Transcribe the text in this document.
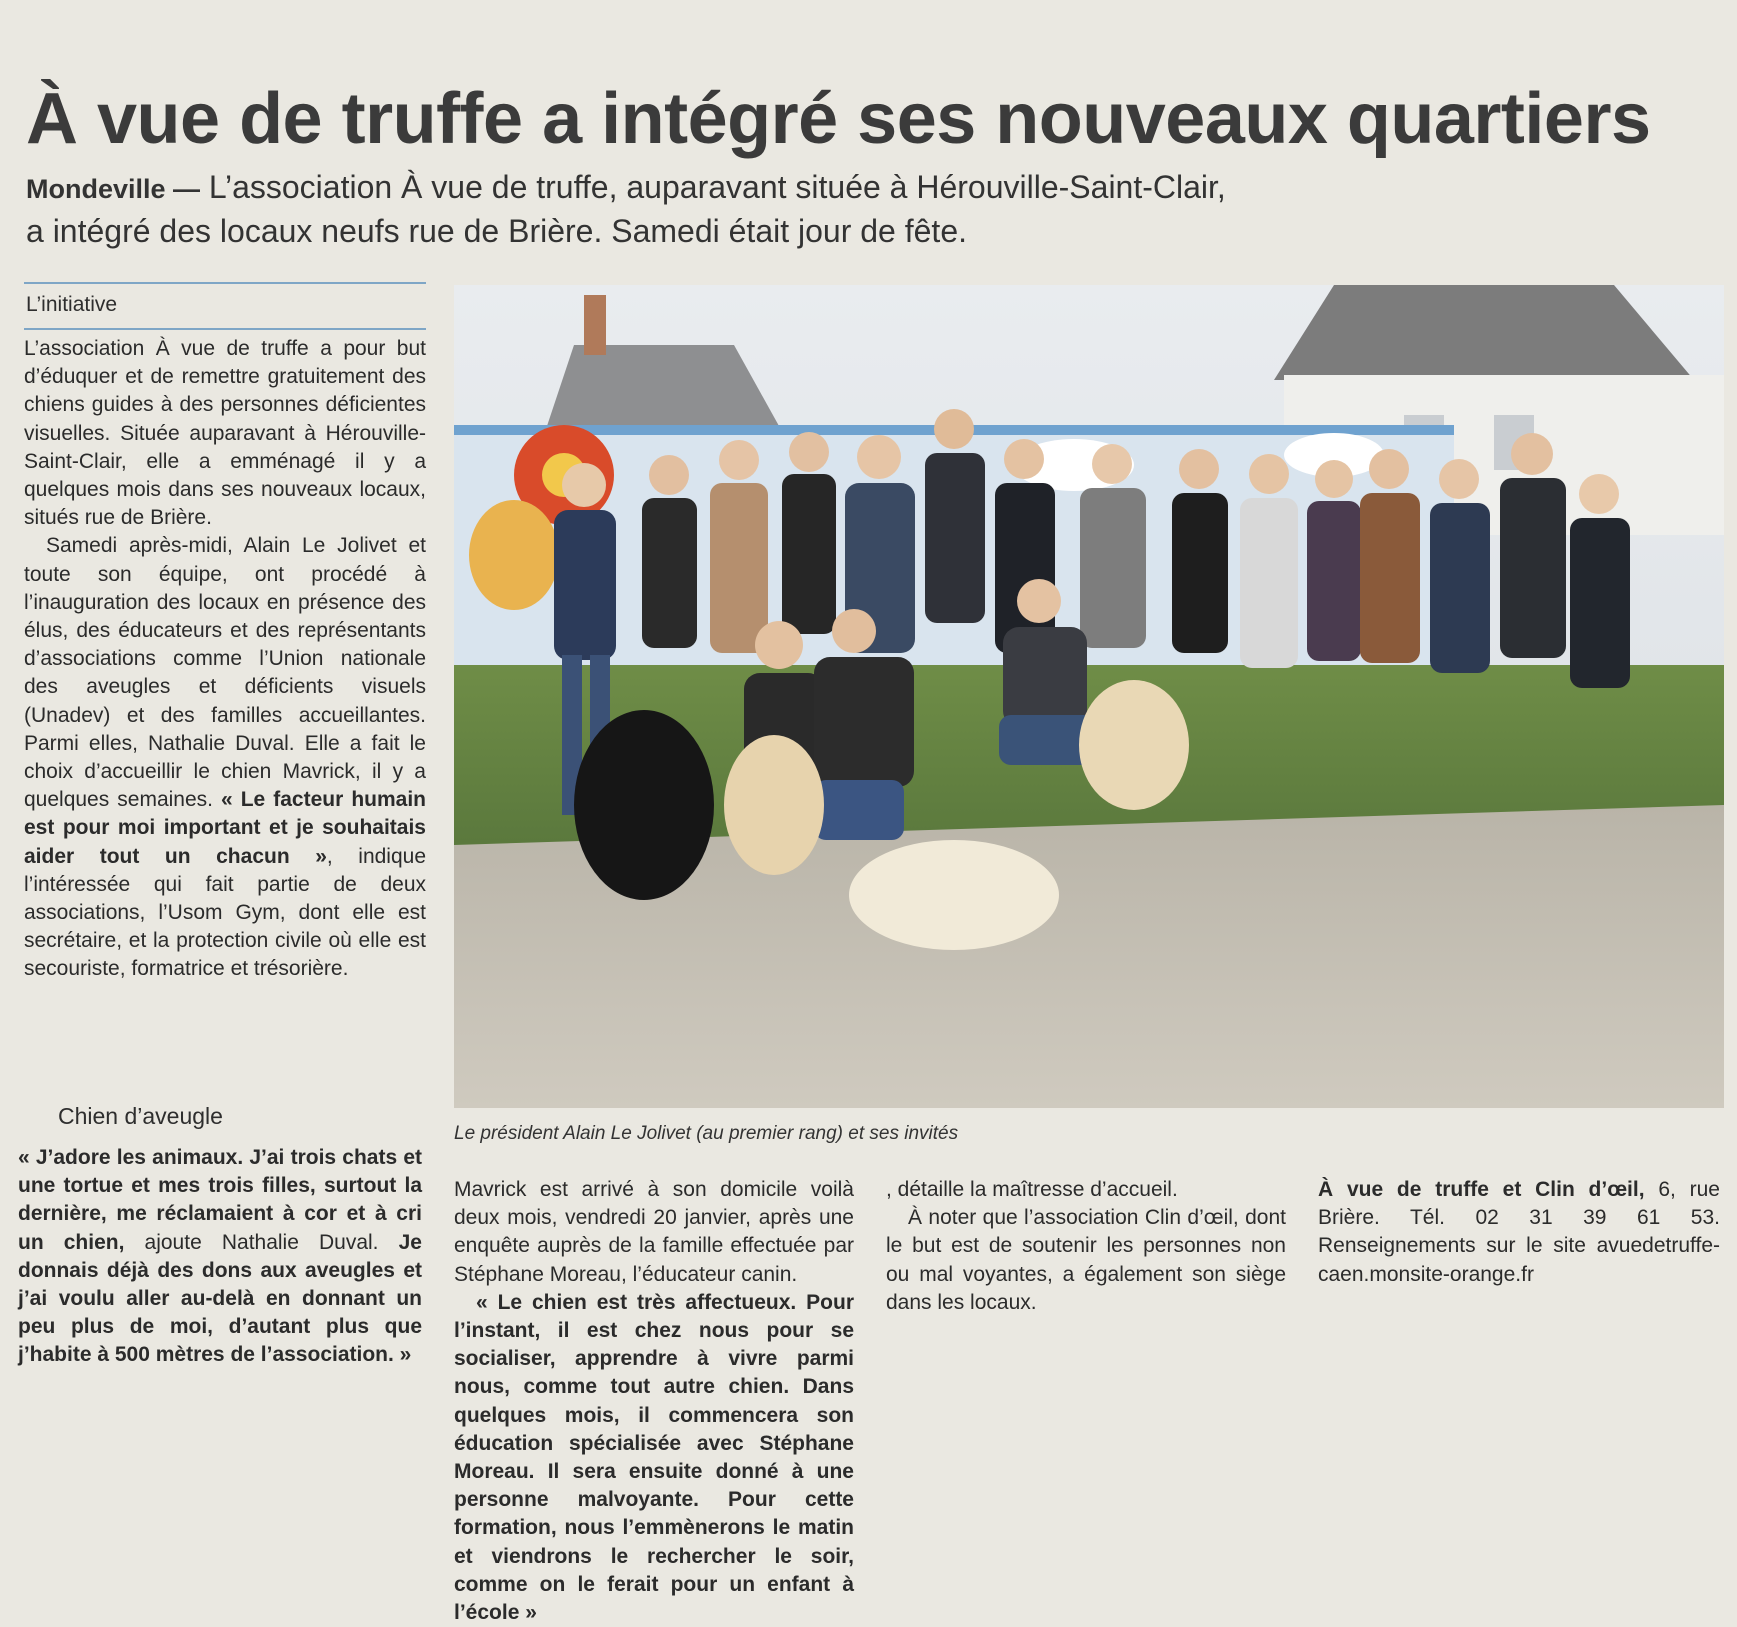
À vue de truffe a intégré ses nouveaux quartiers
Mondeville — L’association À vue de truffe, auparavant située à Hérouville-Saint-Clair,
a intégré des locaux neufs rue de Brière. Samedi était jour de fête.
L’initiative

L’association À vue de truffe a pour but d’éduquer et de remettre gratuitement des chiens guides à des personnes déficientes visuelles. Située auparavant à Hérouville-Saint-Clair, elle a emménagé il y a quelques mois dans ses nouveaux locaux, situés rue de Brière.

Samedi après-midi, Alain Le Jolivet et toute son équipe, ont procédé à l’inauguration des locaux en présence des élus, des éducateurs et des représentants d’associations comme l’Union nationale des aveugles et déficients visuels (Unadev) et des familles accueillantes. Parmi elles, Nathalie Duval. Elle a fait le choix d’accueillir le chien Mavrick, il y a quelques semaines. « Le facteur humain est pour moi important et je souhaitais aider tout un chacun », indique l’intéressée qui fait partie de deux associations, l’Usom Gym, dont elle est secrétaire, et la protection civile où elle est secouriste, formatrice et trésorière.

Chien d’aveugle

« J’adore les animaux. J’ai trois chats et une tortue et mes trois filles, surtout la dernière, me réclamaient à cor et à cri un chien, ajoute Nathalie Duval. Je donnais déjà des dons aux aveugles et j’ai voulu aller au-delà en donnant un peu plus de moi, d’autant plus que j’habite à 500 mètres de l’association. »

Mavrick est arrivé à son domicile voilà deux mois, vendredi 20 janvier, après une enquête auprès de la famille effectuée par Stéphane Moreau, l’éducateur canin.

« Le chien est très affectueux. Pour l’instant, il est chez nous pour se socialiser, apprendre à vivre parmi nous, comme tout autre chien. Dans quelques mois, il commencera son éducation spécialisée avec Stéphane Moreau. Il sera ensuite donné à une personne malvoyante. Pour cette formation, nous l’emmènerons le matin et viendrons le rechercher le soir, comme on le ferait pour un enfant à l’école »

, détaille la maîtresse d’accueil.

À noter que l’association Clin d’œil, dont le but est de soutenir les personnes non ou mal voyantes, a également son siège dans les locaux.

À vue de truffe et Clin d’œil, 6, rue Brière. Tél. 02 31 39 61 53. Renseignements sur le site avuedetruffe-caen.monsite-orange.fr

Le président Alain Le Jolivet (au premier rang) et ses invités
